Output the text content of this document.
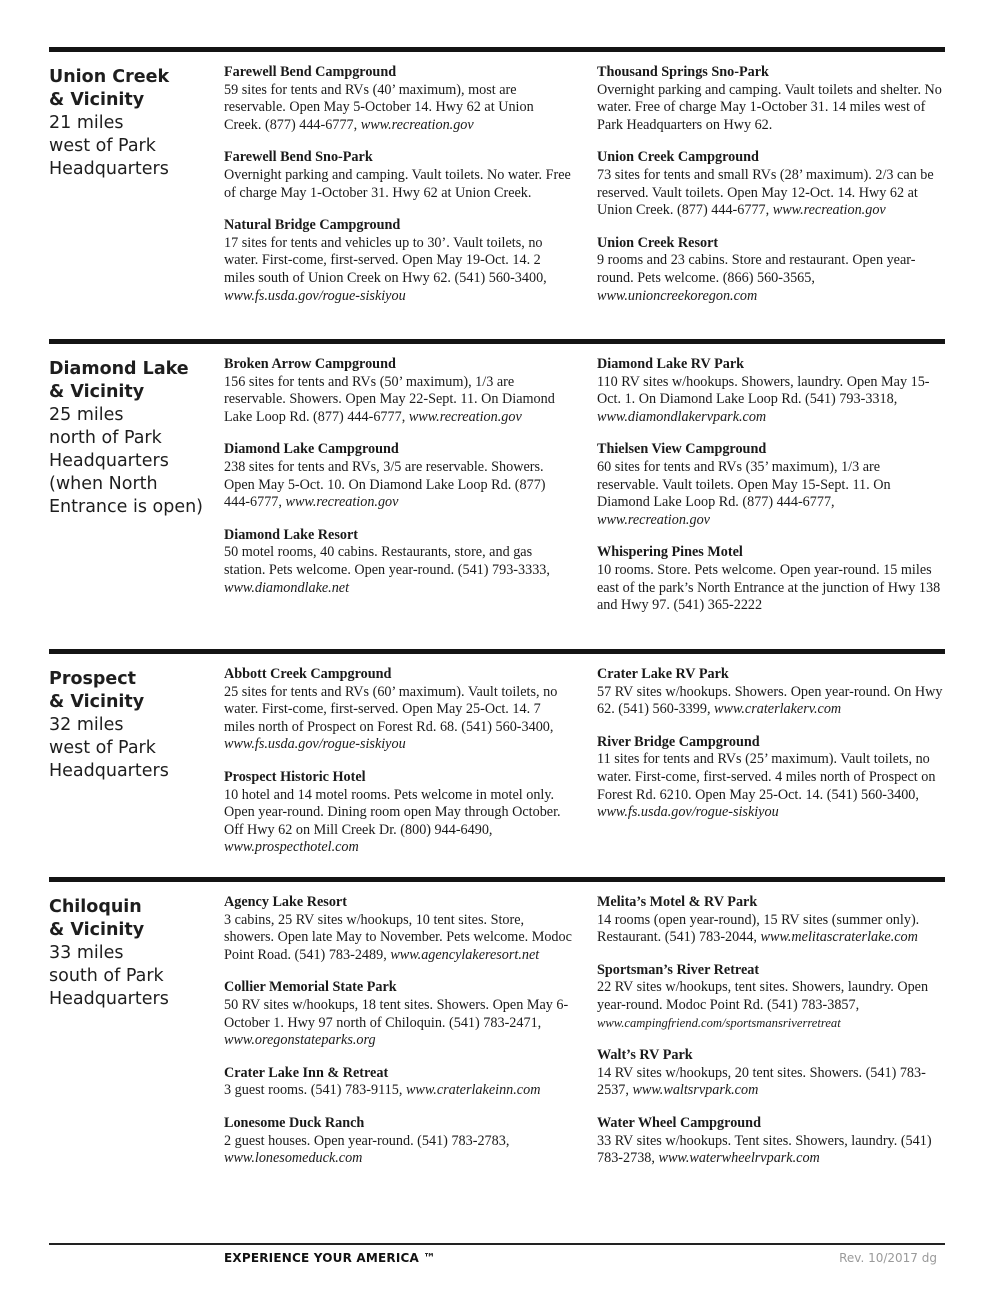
Union Creek
& Vicinity
21 miles
west of Park
Headquarters

Farewell Bend Campground
59 sites for tents and RVs (40’ maximum), most are reservable. Open May 5-October 14. Hwy 62 at Union Creek. (877) 444-6777, www.recreation.gov

Farewell Bend Sno-Park
Overnight parking and camping. Vault toilets. No water. Free of charge May 1-October 31. Hwy 62 at Union Creek.

Natural Bridge Campground
17 sites for tents and vehicles up to 30’. Vault toilets, no water. First-come, first-served. Open May 19-Oct. 14. 2 miles south of Union Creek on Hwy 62. (541) 560-3400, www.fs.usda.gov/rogue-siskiyou

Thousand Springs Sno-Park
Overnight parking and camping. Vault toilets and shelter. No water. Free of charge May 1-October 31. 14 miles west of Park Headquarters on Hwy 62.

Union Creek Campground
73 sites for tents and small RVs (28’ maximum). 2/3 can be reserved. Vault toilets. Open May 12-Oct. 14. Hwy 62 at Union Creek. (877) 444-6777, www.recreation.gov

Union Creek Resort
9 rooms and 23 cabins. Store and restaurant. Open year-round. Pets welcome. (866) 560-3565, www.unioncreekoregon.com

Diamond Lake
& Vicinity
25 miles
north of Park
Headquarters
(when North
Entrance is open)

Broken Arrow Campground
156 sites for tents and RVs (50’ maximum), 1/3 are reservable. Showers. Open May 22-Sept. 11. On Diamond Lake Loop Rd. (877) 444-6777, www.recreation.gov

Diamond Lake Campground
238 sites for tents and RVs, 3/5 are reservable. Showers. Open May 5-Oct. 10. On Diamond Lake Loop Rd. (877) 444-6777, www.recreation.gov

Diamond Lake Resort
50 motel rooms, 40 cabins. Restaurants, store, and gas station. Pets welcome. Open year-round. (541) 793-3333, www.diamondlake.net

Diamond Lake RV Park
110 RV sites w/hookups. Showers, laundry. Open May 15-Oct. 1. On Diamond Lake Loop Rd. (541) 793-3318, www.diamondlakervpark.com

Thielsen View Campground
60 sites for tents and RVs (35’ maximum), 1/3 are reservable. Vault toilets. Open May 15-Sept. 11. On Diamond Lake Loop Rd. (877) 444-6777, www.recreation.gov

Whispering Pines Motel
10 rooms. Store. Pets welcome. Open year-round. 15 miles east of the park’s North Entrance at the junction of Hwy 138 and Hwy 97. (541) 365-2222

Prospect
& Vicinity
32 miles
west of Park
Headquarters

Abbott Creek Campground
25 sites for tents and RVs (60’ maximum). Vault toilets, no water. First-come, first-served. Open May 25-Oct. 14. 7 miles north of Prospect on Forest Rd. 68. (541) 560-3400, www.fs.usda.gov/rogue-siskiyou

Prospect Historic Hotel
10 hotel and 14 motel rooms. Pets welcome in motel only. Open year-round. Dining room open May through October. Off Hwy 62 on Mill Creek Dr. (800) 944-6490, www.prospecthotel.com

Crater Lake RV Park
57 RV sites w/hookups. Showers. Open year-round. On Hwy 62. (541) 560-3399, www.craterlakerv.com

River Bridge Campground
11 sites for tents and RVs (25’ maximum). Vault toilets, no water. First-come, first-served. 4 miles north of Prospect on Forest Rd. 6210. Open May 25-Oct. 14. (541) 560-3400, www.fs.usda.gov/rogue-siskiyou

Chiloquin
& Vicinity
33 miles
south of Park
Headquarters

Agency Lake Resort
3 cabins, 25 RV sites w/hookups, 10 tent sites. Store, showers. Open late May to November. Pets welcome. Modoc Point Road. (541) 783-2489, www.agencylakeresort.net

Collier Memorial State Park
50 RV sites w/hookups, 18 tent sites. Showers. Open May 6-October 1. Hwy 97 north of Chiloquin. (541) 783-2471, www.oregonstateparks.org

Crater Lake Inn & Retreat
3 guest rooms. (541) 783-9115, www.craterlakeinn.com

Lonesome Duck Ranch
2 guest houses. Open year-round. (541) 783-2783, www.lonesomeduck.com

Melita’s Motel & RV Park
14 rooms (open year-round), 15 RV sites (summer only). Restaurant. (541) 783-2044, www.melitascraterlake.com

Sportsman’s River Retreat
22 RV sites w/hookups, tent sites. Showers, laundry. Open year-round. Modoc Point Rd. (541) 783-3857, www.campingfriend.com/sportsmansriverretreat

Walt’s RV Park
14 RV sites w/hookups, 20 tent sites. Showers. (541) 783-2537, www.waltsrvpark.com

Water Wheel Campground
33 RV sites w/hookups. Tent sites. Showers, laundry. (541) 783-2738, www.waterwheelrvpark.com

EXPERIENCE YOUR AMERICA ™	Rev. 10/2017 dg
